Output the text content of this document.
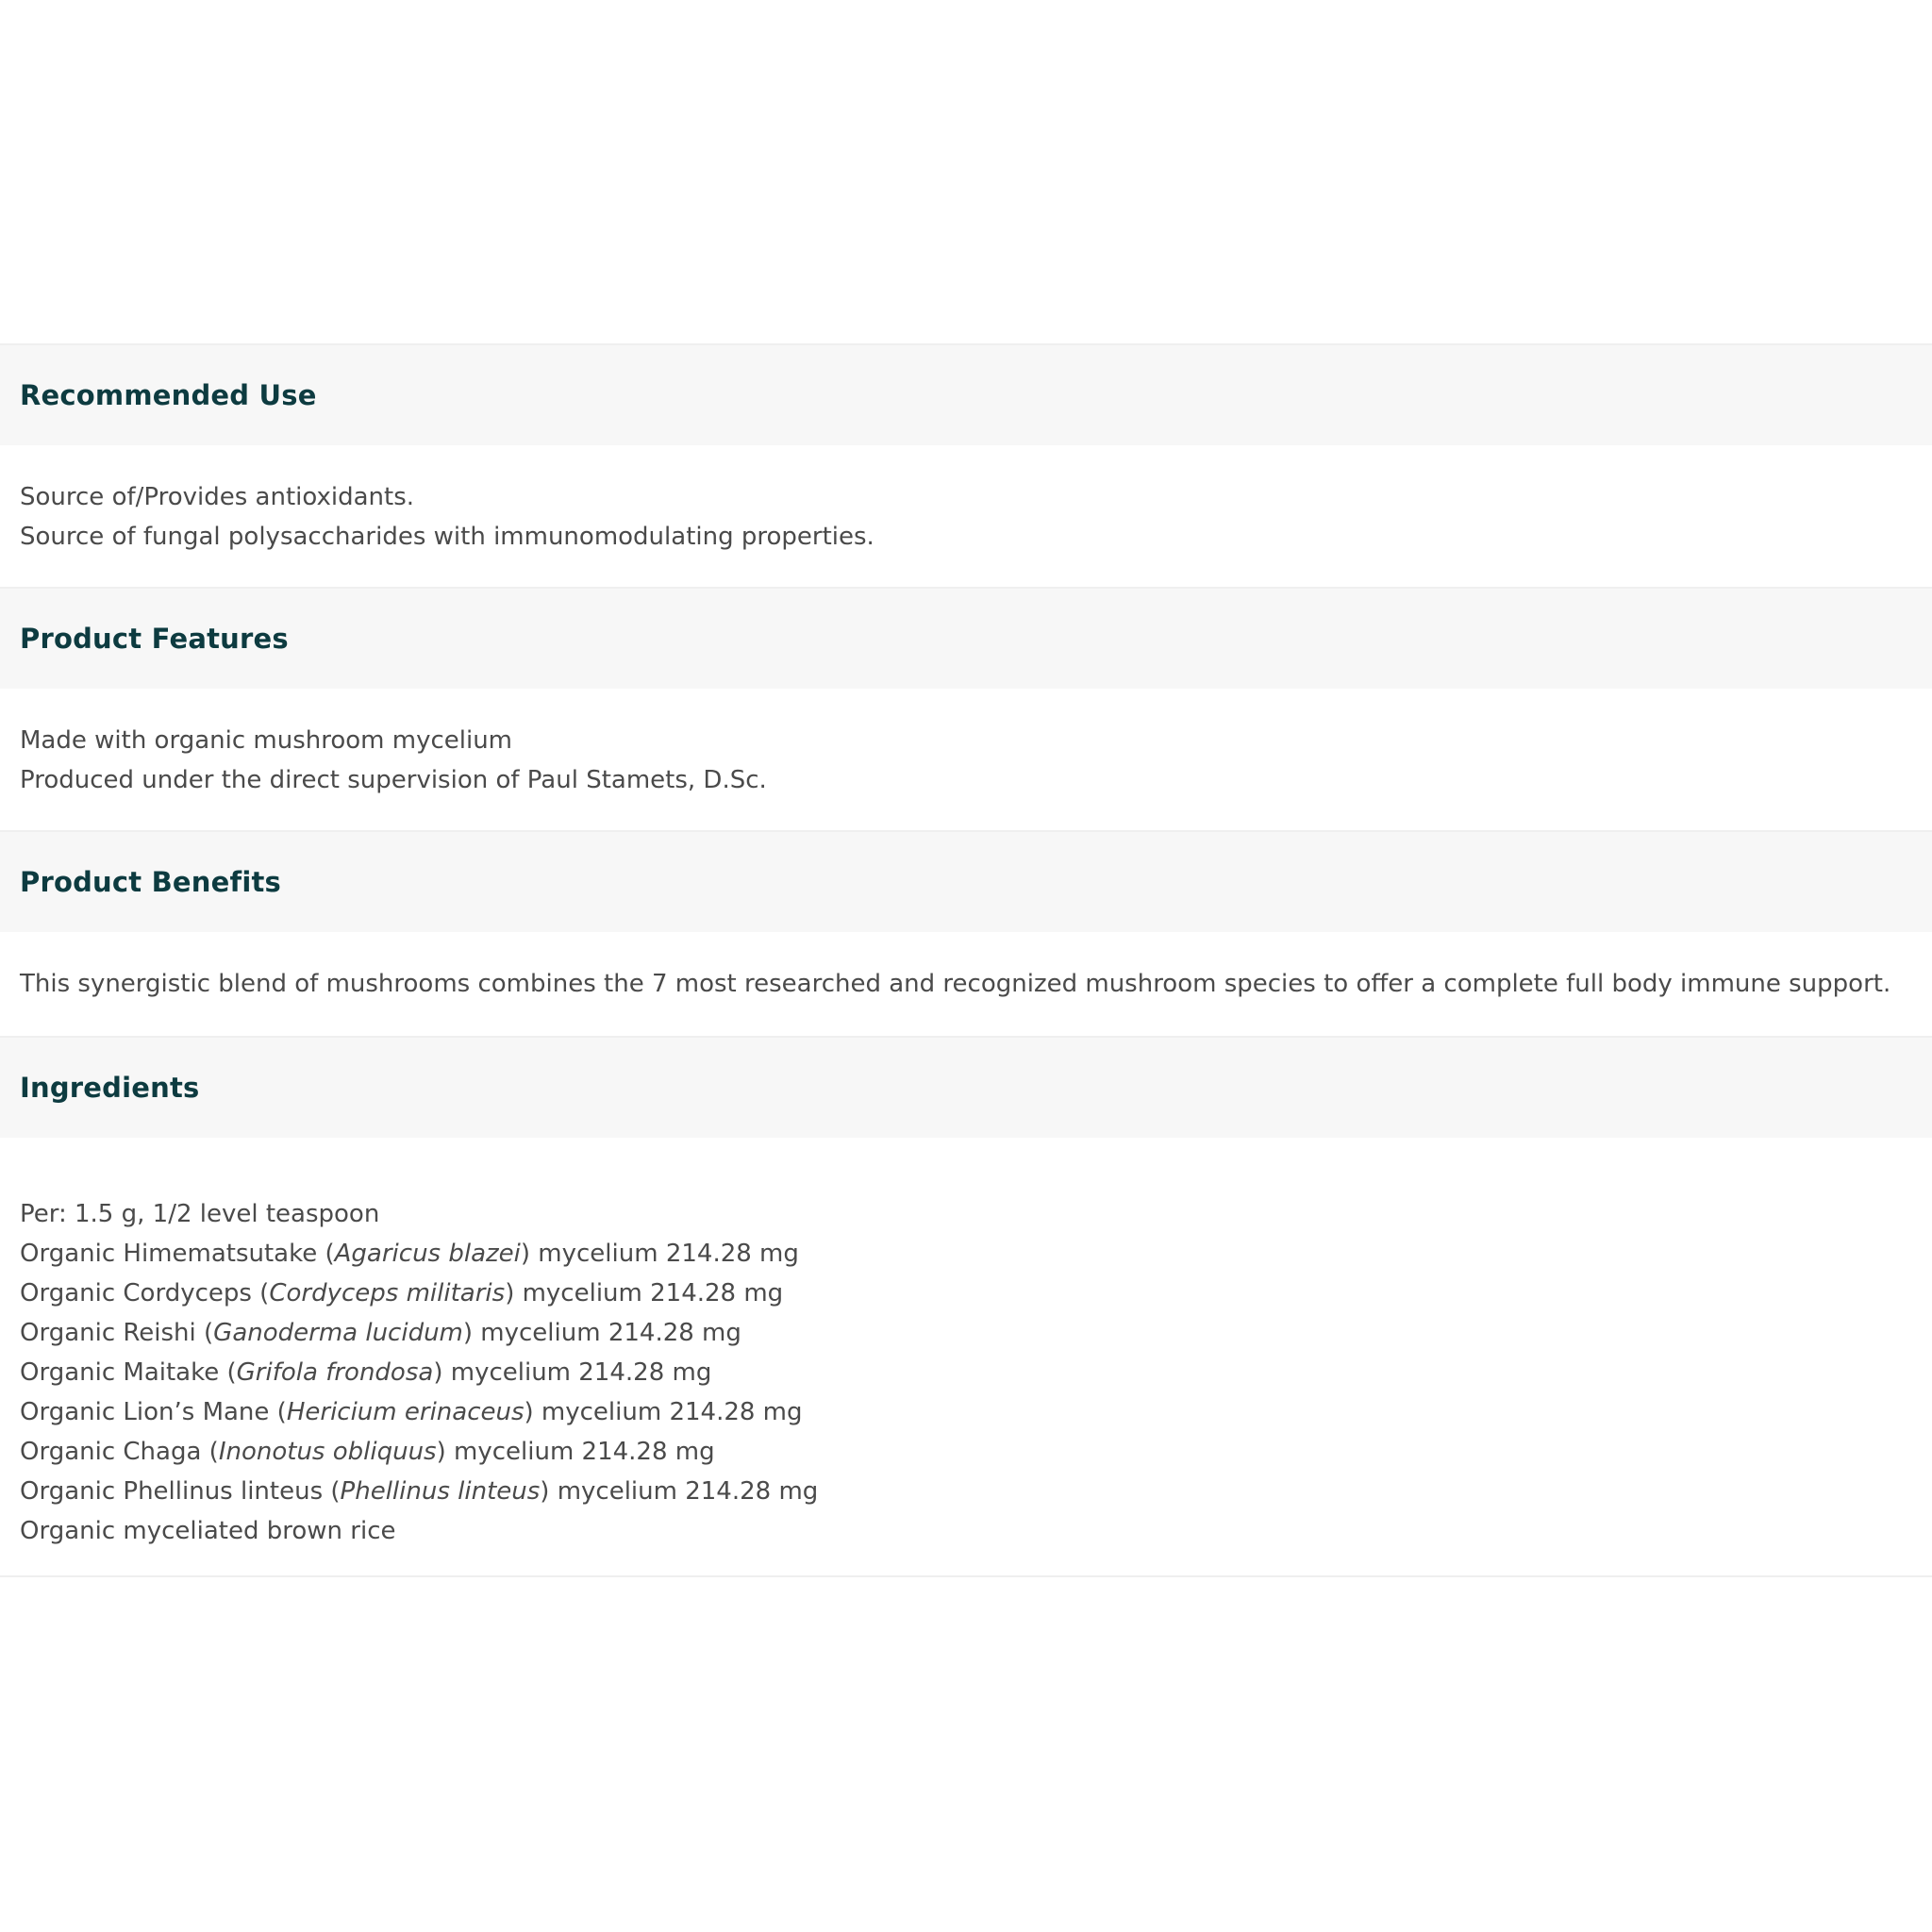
Recommended Use
Source of/Provides antioxidants.
Source of fungal polysaccharides with immunomodulating properties.
Product Features
Made with organic mushroom mycelium
Produced under the direct supervision of Paul Stamets, D.Sc.
Product Benefits
This synergistic blend of mushrooms combines the 7 most researched and recognized mushroom species to offer a complete full body immune support.
Ingredients
Per: 1.5 g, 1/2 level teaspoon
Organic Himematsutake (Agaricus blazei) mycelium 214.28 mg
Organic Cordyceps (Cordyceps militaris) mycelium 214.28 mg
Organic Reishi (Ganoderma lucidum) mycelium 214.28 mg
Organic Maitake (Grifola frondosa) mycelium 214.28 mg
Organic Lion’s Mane (Hericium erinaceus) mycelium 214.28 mg
Organic Chaga (Inonotus obliquus) mycelium 214.28 mg
Organic Phellinus linteus (Phellinus linteus) mycelium 214.28 mg
Organic myceliated brown rice
